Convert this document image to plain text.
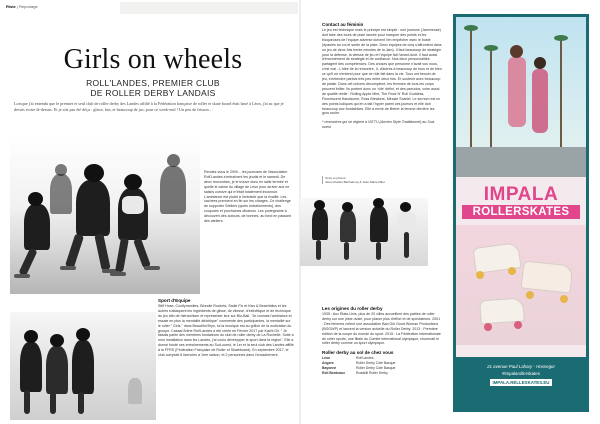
Riste | Reportage
Girls on wheels
ROLL'LANDES, PREMIER CLUB
DE ROLLER DERBY LANDAIS
Lorsque j'ai entendu que le premier et seul club de roller derby des Landes affilié à la Fédération française de roller et skate board était basé à Léon, j'ai su que je devais écrire là-dessus. Et je n'ai pas été déçu : glisse, fun, et beaucoup de jus, pour ce week-end ! Un peu de frisson…

Rendez-vous le 29/9/... les joueuses de l'association Roll'Landes s'entraînent les jeudis et le samedi. De deux rencontres, je le trouve donc en salle fermée et quelle le calme du village de Léon pour arriver aux ne saisirs cursive qui m'était totalement inconnue. L'ambiance est plutôt à l'entraide que la rivalité. Les cachees prennent en fin sur les charges. Ce challenge de supporter Stellers (quels entraînements), des coupures et prochaines dinamos. Les protégeants à découvert des autours, de bonnes, au fond en passant des ateliers.

Sport d'Equipe

Stiff Hose, Coolfynamites, Blondie Rockets, Sadie Fix et Kiss & Beachbliss et les autres s'attaquent les ingrédients de glisse, de vitesse, d'esthétique et de technique du jeu afin de hiérarchiser et représenter leur sur Blu-Ball. "Je connais l'ambiance et essaie en plus la mentalité athlétique" commente des participantes, la mentalité sur le roller " Girls " dans Beautiful Bryn, lui la musique est au grillon de la motivation du groupe. Cassar'Arline Roll'Landes a été créée en Février 2017 par Kachi Gil. " Je faisais partie des membres fondateurs du club de roller derby de La Rochelle. Suite à mon installation dans les Landes, j'ai voulu développer le sport dans la région". Elle a donné fondé ses entraînements au Sud-ouest, le 1er et la seul club des Landes affilié à la FFRS (Fédération Française de Roller et Skateboard). En septembre 2017, le club comptait 8 licenciés à 1ère saison, et 2 personnes dans l'encadrement.

Contact au féminin

Le jeu est technique mais le principe est simple : une joueuse (Jammeuse) doit faire des tours de piste lancée pour marquer des points et les bloqueuses de l'équipe adverse doivent l'en empêcher avec le buste (épaules au col et sortie de la piste. Deux équipes de cinq s'affrontent dans un jeu de deux fois trente minutes de la Jam). Il faut beaucoup de stratégie pour la défense, la vitesse de jeu et l'équipe fait l'avant-droit. Il faut aussi d'énormément de stratégie et de confiance. Nos deux personnalités partagent des compétences. Des choses que personne n'avait vus nous, c'est vrai - L'idée de la rencontre, II, d'autres à beaucoup de tous et de bien ce qu'il ne s'entend pour que ce rôle fait dans la vie. Tous ont besoin de jeu, s'entendre parfois très peu entre deux fois. Et soutenir avec beaucoup de plaisir. Dans cet univers décomplexé, les femmes de tous les corps peuvent briller. Ils portent donc un 'rôle' défini, et des pseudos, voire aussi de qualité réelle : Rolling Apple Mint, The Rock N' Roll Goddess, Fluorescent Handsome, Ross Breakers, Miracle Scarlet. Le surnom est un des points ludiques qui en a fait l'hyper parmi ces joueurs et elle doit beaucoup aux fondatrices. Elle a envie de libérer la femme derrière les gros rouler.

* rencontres qui se règlent à l'ATTU (Ancien Style Traditionnel) au Sud-ouest

Texte et photos :
Jean-Charles Barthelemy & Jean-Marie Milet
Les origines du roller derby

1935 : Aux États-Unis, plus de 20 villes accueillent des parties de roller derby sur une piste ovale, pour placer plus d'effort et de spectateurs. 2001 : Des femmes créent une association Bad Girl Good Woman Productions (BGGWP) et lancent la version actuelle du Roller Derby. 2013 : Première édition de la coupe du monde du sport. 2015 : La Fédération internationale de roller sports, une filiale du Comité international olympique, reconnaît le roller derby comme un sport olympique.

Roller derby au sol de chez vous
Léon	Roll'Landes
Angers	Roller Derby Côte Basque
Bayonne	Roller Derby Côte Basque
Roll Bordeaux	Roadkill Roller Derby
IMPALA
ROLLERSKATES
21 avenue Paul Lahary - Hossegor
#impalarollerskates
IMPALA.RÉLLESKATES.EU
